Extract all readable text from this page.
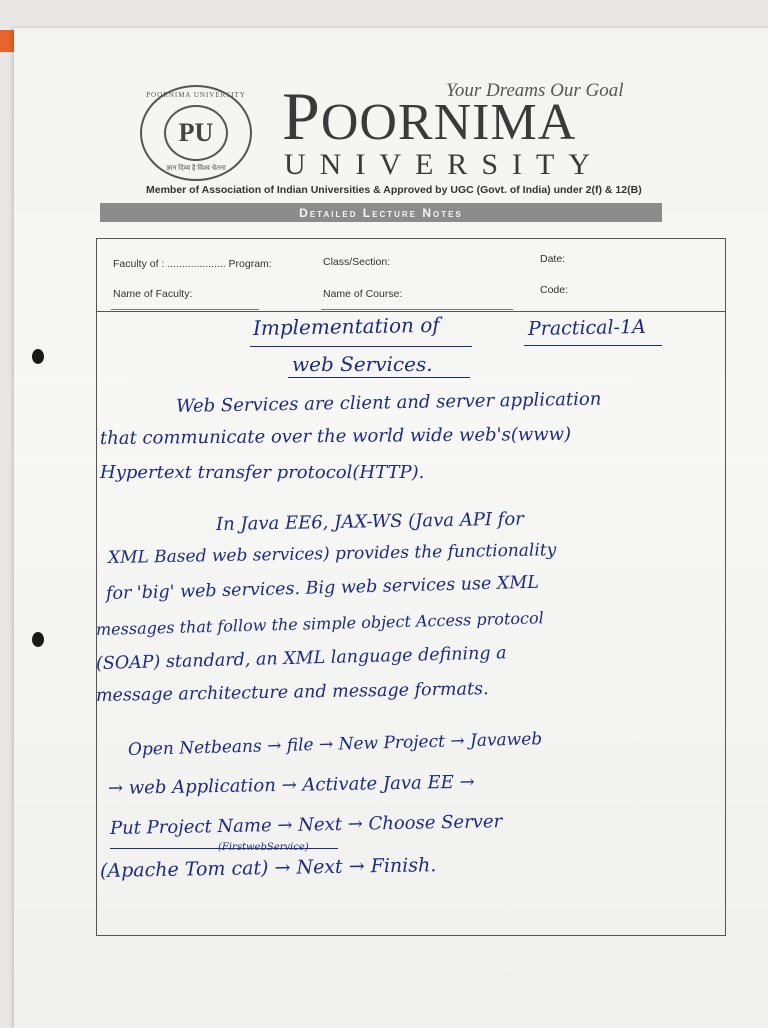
POORNIMA UNIVERSITY
PU
ज्ञान दिव्य है विश्व चेतना
Your Dreams Our Goal
POORNIMA
UNIVERSITY
Member of Association of Indian Universities & Approved by UGC (Govt. of India) under 2(f) & 12(B)
Detailed Lecture Notes
Faculty of : .................... Program:	Class/Section:	Date:
Name of Faculty:	Name of Course:	Code:
Implementation of
web Services.
Practical-1A
Web Services are client and server application
that communicate over the world wide web's(www)
Hypertext transfer protocol(HTTP).
In Java EE6, JAX-WS (Java API for
XML Based web services) provides the functionality
for 'big' web services. Big web services use XML
messages that follow the simple object Access protocol
(SOAP) standard, an XML language defining a
message architecture and message formats.
Open Netbeans → file → New Project → Javaweb
→ web Application → Activate Java EE →
Put Project Name → Next → Choose Server
(FirstwebService)
(Apache Tom cat) → Next → Finish.
